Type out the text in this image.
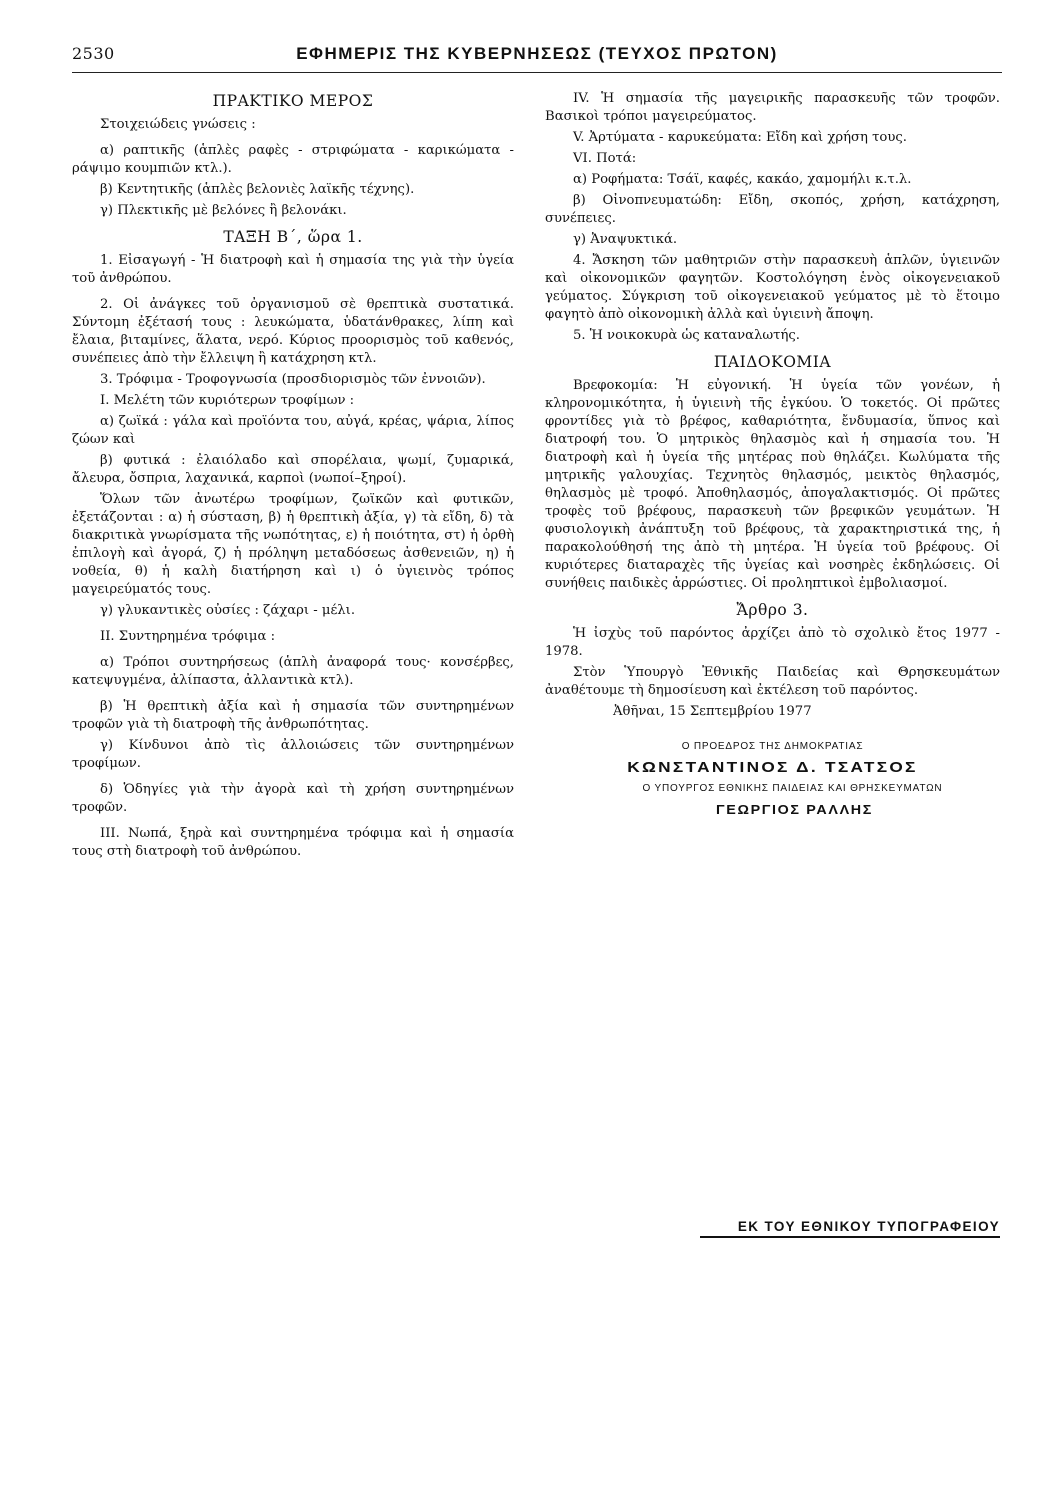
2530	ΕΦΗΜΕΡΙΣ ΤΗΣ ΚΥΒΕΡΝΗΣΕΩΣ (ΤΕΥΧΟΣ ΠΡΩΤΟΝ)

ΠΡΑΚΤΙΚΟ ΜΕΡΟΣ

Στοιχειώδεις γνώσεις :

α) ραπτικῆς (ἁπλὲς ραφὲς - στριφώματα - καρικώματα - ράψιμο κουμπιῶν κτλ.).

β) Κεντητικῆς (ἁπλὲς βελονιὲς λαϊκῆς τέχνης).

γ) Πλεκτικῆς μὲ βελόνες ἢ βελονάκι.

ΤΑΞΗ Β΄, ὥρα 1.

1. Εἰσαγωγή - Ἡ διατροφὴ καὶ ἡ σημασία της γιὰ τὴν ὑγεία τοῦ ἀνθρώπου.

2. Οἱ ἀνάγκες τοῦ ὀργανισμοῦ σὲ θρεπτικὰ συστατικά. Σύντομη ἐξέτασή τους : λευκώματα, ὑδατάνθρακες, λίπη καὶ ἔλαια, βιταμίνες, ἅλατα, νερό. Κύριος προορισμὸς τοῦ καθενός, συνέπειες ἀπὸ τὴν ἔλλειψη ἢ κατάχρηση κτλ.

3. Τρόφιμα - Τροφογνωσία (προσδιορισμὸς τῶν ἐννοιῶν).

Ι. Μελέτη τῶν κυριότερων τροφίμων :

α) ζωϊκά : γάλα καὶ προϊόντα του, αὐγά, κρέας, ψάρια, λίπος ζώων καὶ

β) φυτικά : ἐλαιόλαδο καὶ σπορέλαια, ψωμί, ζυμαρικά, ἄλευρα, ὄσπρια, λαχανικά, καρποὶ (νωποί–ξηροί).

Ὅλων τῶν ἀνωτέρω τροφίμων, ζωϊκῶν καὶ φυτικῶν, ἐξετάζονται : α) ἡ σύσταση, β) ἡ θρεπτικὴ ἀξία, γ) τὰ εἴδη, δ) τὰ διακριτικὰ γνωρίσματα τῆς νωπότητας, ε) ἡ ποιότητα, στ) ἡ ὀρθὴ ἐπιλογὴ καὶ ἀγορά, ζ) ἡ πρόληψη μεταδόσεως ἀσθενειῶν, η) ἡ νοθεία, θ) ἡ καλὴ διατήρηση καὶ ι) ὁ ὑγιεινὸς τρόπος μαγειρεύματός τους.

γ) γλυκαντικὲς οὐσίες : ζάχαρι - μέλι.

ΙΙ. Συντηρημένα τρόφιμα :

α) Τρόποι συντηρήσεως (ἁπλὴ ἀναφορά τους· κονσέρβες, κατεψυγμένα, ἀλίπαστα, ἀλλαντικὰ κτλ).

β) Ἡ θρεπτικὴ ἀξία καὶ ἡ σημασία τῶν συντηρημένων τροφῶν γιὰ τὴ διατροφὴ τῆς ἀνθρωπότητας.

γ) Κίνδυνοι ἀπὸ τὶς ἀλλοιώσεις τῶν συντηρημένων τροφίμων.

δ) Ὁδηγίες γιὰ τὴν ἀγορὰ καὶ τὴ χρήση συντηρημένων τροφῶν.

ΙΙΙ. Νωπά, ξηρὰ καὶ συντηρημένα τρόφιμα καὶ ἡ σημασία τους στὴ διατροφὴ τοῦ ἀνθρώπου.

ΙV. Ἡ σημασία τῆς μαγειρικῆς παρασκευῆς τῶν τροφῶν. Βασικοὶ τρόποι μαγειρεύματος.

V. Ἀρτύματα - καρυκεύματα: Εἴδη καὶ χρήση τους.

VI. Ποτά:

α) Ροφήματα: Τσάϊ, καφές, κακάο, χαμομήλι κ.τ.λ.

β) Οἰνοπνευματώδη: Εἴδη, σκοπός, χρήση, κατάχρηση, συνέπειες.

γ) Ἀναψυκτικά.

4. Ἄσκηση τῶν μαθητριῶν στὴν παρασκευὴ ἁπλῶν, ὑγιεινῶν καὶ οἰκονομικῶν φαγητῶν. Κοστολόγηση ἑνὸς οἰκογενειακοῦ γεύματος. Σύγκριση τοῦ οἰκογενειακοῦ γεύματος μὲ τὸ ἕτοιμο φαγητὸ ἀπὸ οἰκονομικὴ ἀλλὰ καὶ ὑγιεινὴ ἄποψη.

5. Ἡ νοικοκυρὰ ὡς καταναλωτής.

ΠΑΙΔΟΚΟΜΙΑ

Βρεφοκομία: Ἡ εὐγονική. Ἡ ὑγεία τῶν γονέων, ἡ κληρονομικότητα, ἡ ὑγιεινὴ τῆς ἐγκύου. Ὁ τοκετός. Οἱ πρῶτες φροντίδες γιὰ τὸ βρέφος, καθαριότητα, ἔνδυμασία, ὕπνος καὶ διατροφή του. Ὁ μητρικὸς θηλασμὸς καὶ ἡ σημασία του. Ἡ διατροφὴ καὶ ἡ ὑγεία τῆς μητέρας ποὺ θηλάζει. Κωλύματα τῆς μητρικῆς γαλουχίας. Τεχνητὸς θηλασμός, μεικτὸς θηλασμός, θηλασμὸς μὲ τροφό. Ἀποθηλασμός, ἀπογαλακτισμός. Οἱ πρῶτες τροφὲς τοῦ βρέφους, παρασκευὴ τῶν βρεφικῶν γευμάτων. Ἡ φυσιολογικὴ ἀνάπτυξη τοῦ βρέφους, τὰ χαρακτηριστικά της, ἡ παρακολούθησή της ἀπὸ τὴ μητέρα. Ἡ ὑγεία τοῦ βρέφους. Οἱ κυριότερες διαταραχὲς τῆς ὑγείας καὶ νοσηρὲς ἐκδηλώσεις. Οἱ συνήθεις παιδικὲς ἀρρώστιες. Οἱ προληπτικοὶ ἐμβολιασμοί.

Ἄρθρο 3.

Ἡ ἰσχὺς τοῦ παρόντος ἀρχίζει ἀπὸ τὸ σχολικὸ ἔτος 1977 - 1978.

Στὸν Ὑπουργὸ Ἐθνικῆς Παιδείας καὶ Θρησκευμάτων ἀναθέτουμε τὴ δημοσίευση καὶ ἐκτέλεση τοῦ παρόντος.

Ἀθῆναι, 15 Σεπτεμβρίου 1977

Ο ΠΡΟΕΔΡΟΣ ΤΗΣ ΔΗΜΟΚΡΑΤΙΑΣ

ΚΩΝΣΤΑΝΤΙΝΟΣ Δ. ΤΣΑΤΣΟΣ

Ο ΥΠΟΥΡΓΟΣ ΕΘΝΙΚΗΣ ΠΑΙΔΕΙΑΣ ΚΑΙ ΘΡΗΣΚΕΥΜΑΤΩΝ

ΓΕΩΡΓΙΟΣ ΡΑΛΛΗΣ

ΕΚ ΤΟΥ ΕΘΝΙΚΟΥ ΤΥΠΟΓΡΑΦΕΙΟΥ
